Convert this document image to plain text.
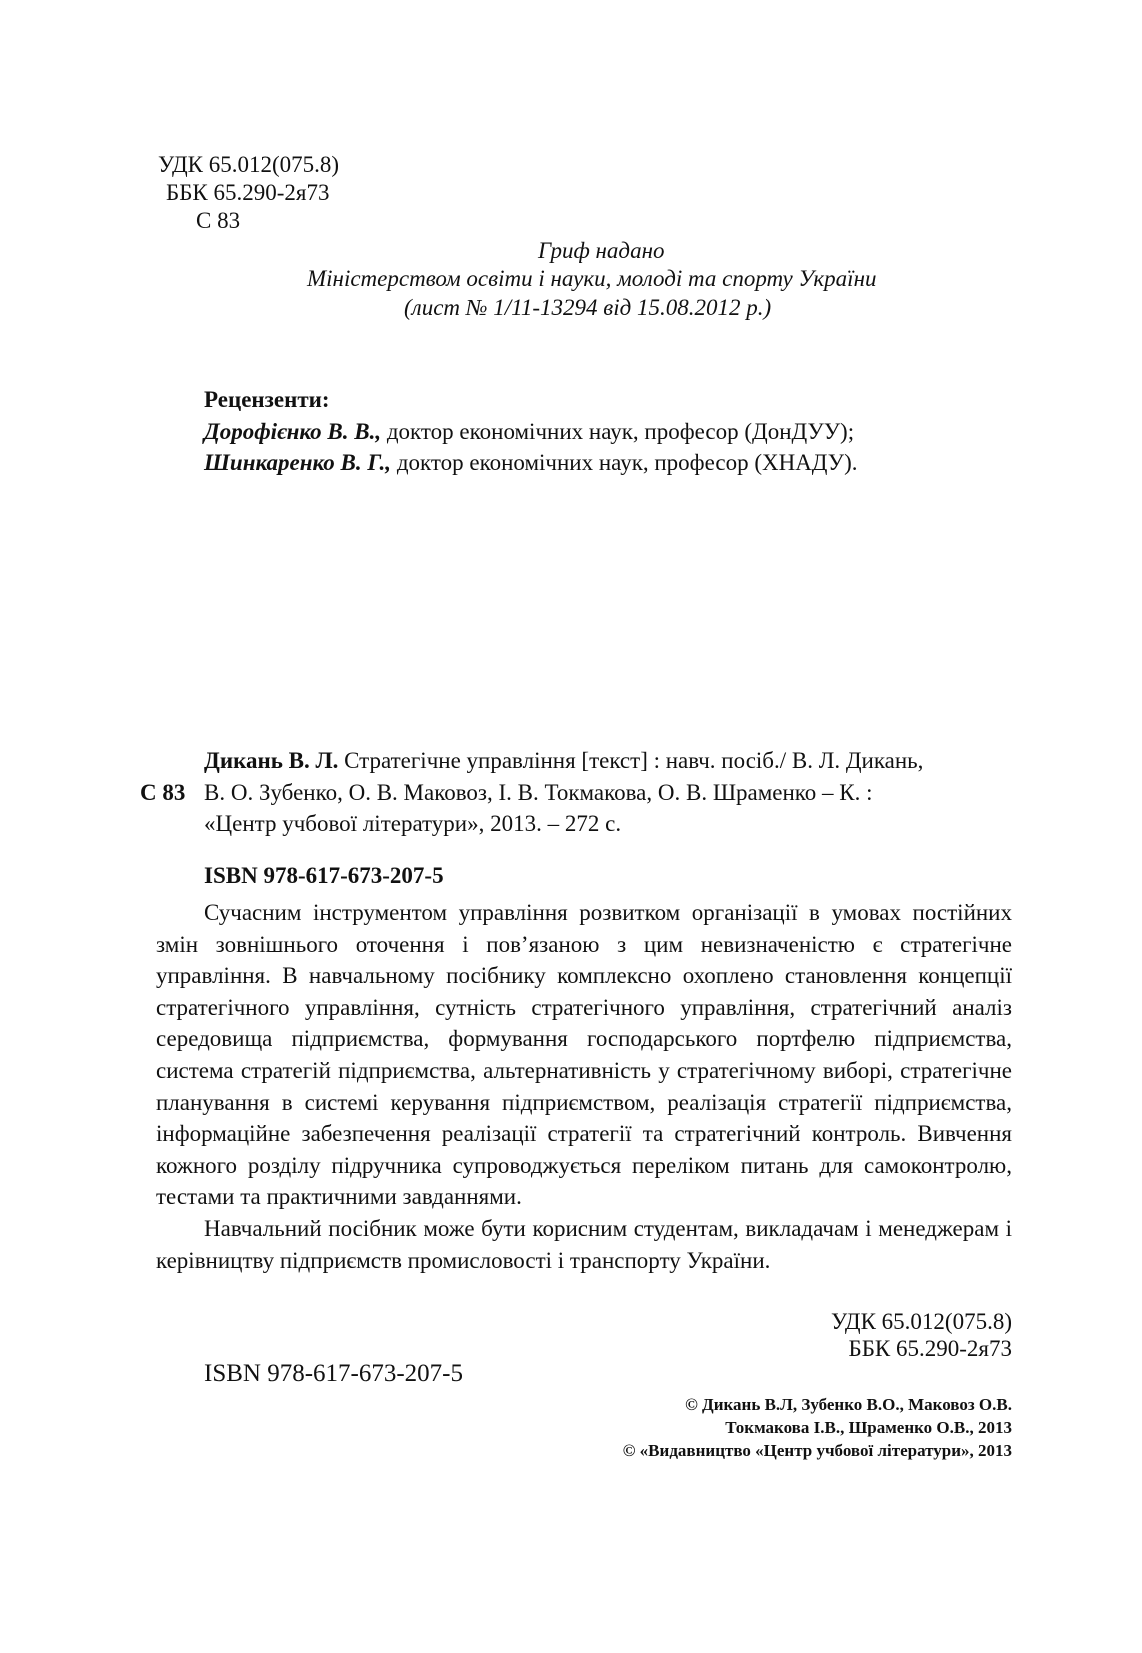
УДК 65.012(075.8)
ББК 65.290-2я73
С 83
Гриф надано
Міністерством освіти і науки, молоді та спорту України
(лист № 1/11-13294 від 15.08.2012 р.)
Рецензенти:
Дорофієнко В. В., доктор економічних наук, професор (ДонДУУ);
Шинкаренко В. Г., доктор економічних наук, професор (ХНАДУ).
С 83
Дикань В. Л. Стратегічне управління [текст] : навч. посіб./ В. Л. Дикань,
В. О. Зубенко, О. В. Маковоз, І. В. Токмакова, О. В. Шраменко – К. :
«Центр учбової літератури», 2013. – 272 с.
ISBN 978-617-673-207-5

Сучасним інструментом управління розвитком організації в умовах постійних змін зовнішнього оточення і пов’язаною з цим невизначеністю є стратегічне управління. В навчальному посібнику комплексно охоплено становлення концепції стратегічного управління, сутність стратегічного управління, стратегічний аналіз середовища підприємства, формування господарського портфелю підприємства, система стратегій підприємства, альтернативність у стратегічному виборі, стратегічне планування в системі керування підприємством, реалізація стратегії підприємства, інформаційне забезпечення реалізації стратегії та стратегічний контроль. Вивчення кожного розділу підручника супроводжується переліком питань для самоконтролю, тестами та практичними завданнями.

Навчальний посібник може бути корисним студентам, викладачам і менеджерам і керівництву підприємств промисловості і транспорту України.

УДК 65.012(075.8)
ББК 65.290-2я73
ISBN 978-617-673-207-5
© Дикань В.Л, Зубенко В.О., Маковоз О.В.
Токмакова І.В., Шраменко О.В., 2013
© «Видавництво «Центр учбової літератури», 2013
